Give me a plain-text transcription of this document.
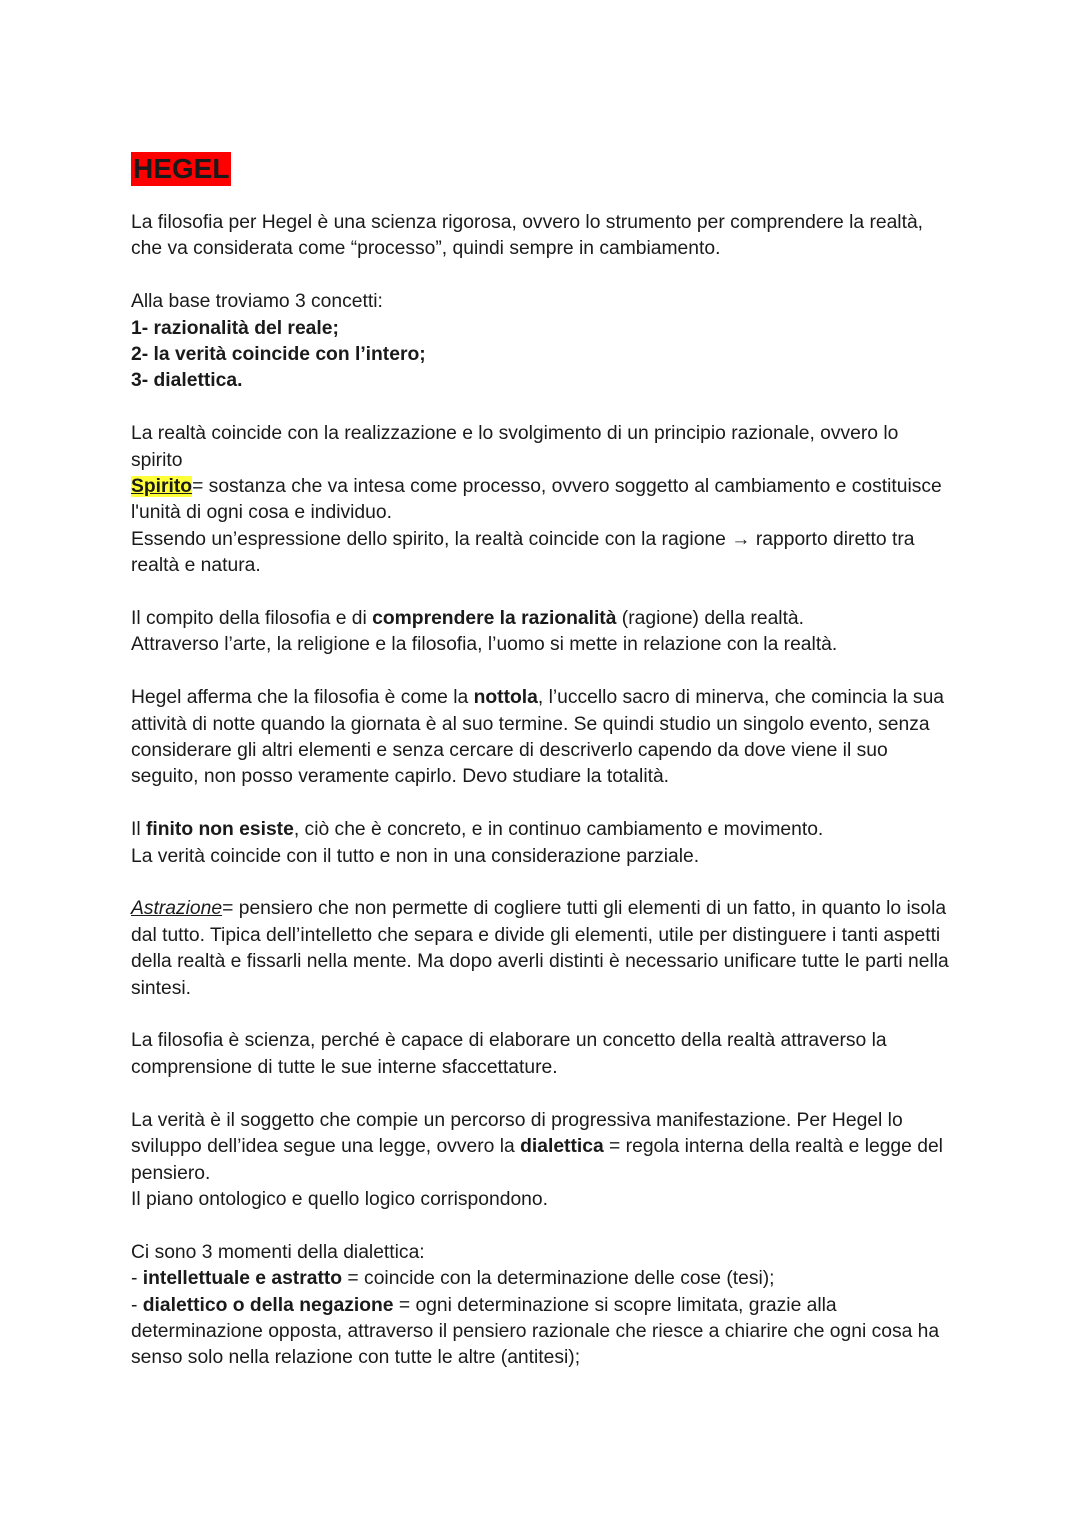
HEGEL

La filosofia per Hegel è una scienza rigorosa, ovvero lo strumento per comprendere la realtà, che va considerata come “processo”, quindi sempre in cambiamento.

Alla base troviamo 3 concetti:
1- razionalità del reale;
2- la verità coincide con l’intero;
3- dialettica.

La realtà coincide con la realizzazione e lo svolgimento di un principio razionale, ovvero lo spirito
Spirito= sostanza che va intesa come processo, ovvero soggetto al cambiamento e costituisce l'unità di ogni cosa e individuo.
Essendo un’espressione dello spirito, la realtà coincide con la ragione → rapporto diretto tra realtà e natura.

Il compito della filosofia e di comprendere la razionalità (ragione) della realtà.
Attraverso l’arte, la religione e la filosofia, l’uomo si mette in relazione con la realtà.

Hegel afferma che la filosofia è come la nottola, l’uccello sacro di minerva, che comincia la sua attività di notte quando la giornata è al suo termine. Se quindi studio un singolo evento, senza considerare gli altri elementi e senza cercare di descriverlo capendo da dove viene il suo seguito, non posso veramente capirlo. Devo studiare la totalità.

Il finito non esiste, ciò che è concreto, e in continuo cambiamento e movimento.
La verità coincide con il tutto e non in una considerazione parziale.

Astrazione= pensiero che non permette di cogliere tutti gli elementi di un fatto, in quanto lo isola dal tutto. Tipica dell’intelletto che separa e divide gli elementi, utile per distinguere i tanti aspetti della realtà e fissarli nella mente. Ma dopo averli distinti è necessario unificare tutte le parti nella sintesi.

La filosofia è scienza, perché è capace di elaborare un concetto della realtà attraverso la comprensione di tutte le sue interne sfaccettature.

La verità è il soggetto che compie un percorso di progressiva manifestazione. Per Hegel lo sviluppo dell’idea segue una legge, ovvero la dialettica = regola interna della realtà e legge del pensiero.
Il piano ontologico e quello logico corrispondono.

Ci sono 3 momenti della dialettica:
- intellettuale e astratto = coincide con la determinazione delle cose (tesi);
- dialettico o della negazione = ogni determinazione si scopre limitata, grazie alla determinazione opposta, attraverso il pensiero razionale che riesce a chiarire che ogni cosa ha senso solo nella relazione con tutte le altre (antitesi);
